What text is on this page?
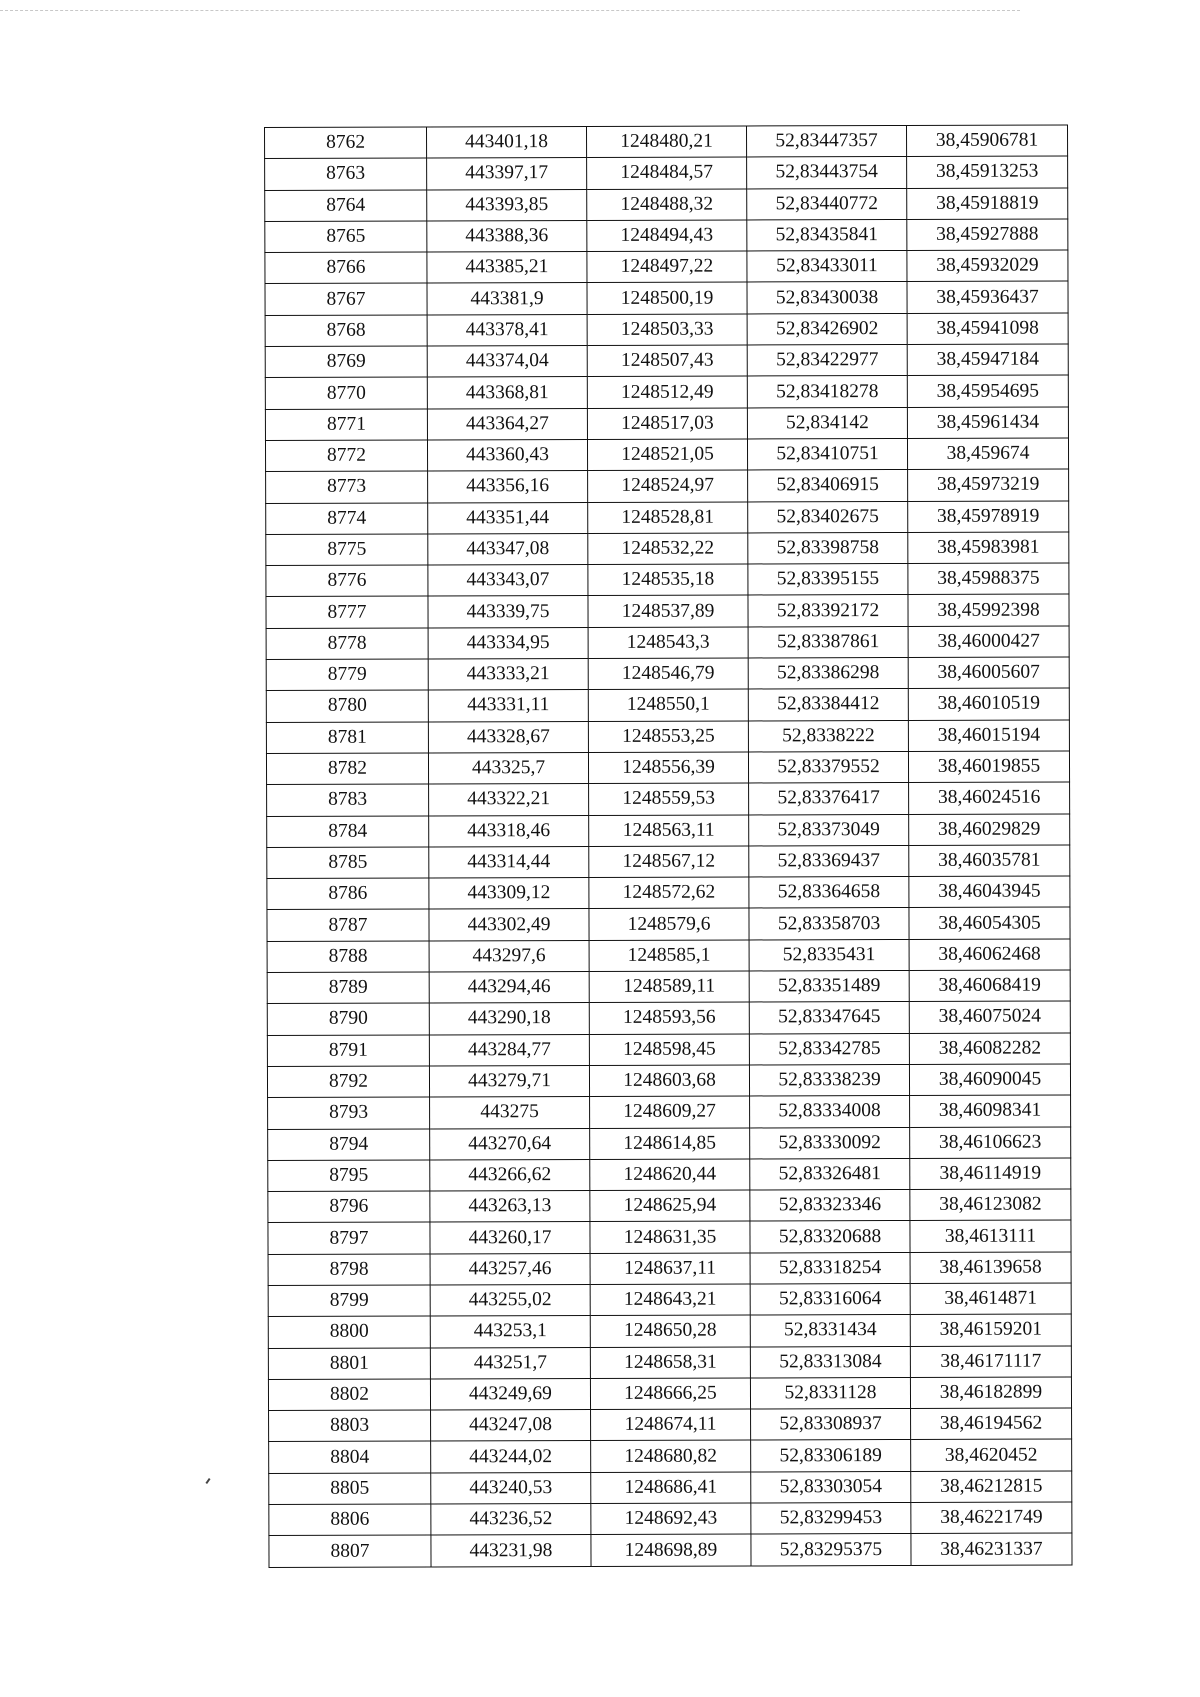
8762	443401,18	1248480,21	52,83447357	38,45906781
8763	443397,17	1248484,57	52,83443754	38,45913253
8764	443393,85	1248488,32	52,83440772	38,45918819
8765	443388,36	1248494,43	52,83435841	38,45927888
8766	443385,21	1248497,22	52,83433011	38,45932029
8767	443381,9	1248500,19	52,83430038	38,45936437
8768	443378,41	1248503,33	52,83426902	38,45941098
8769	443374,04	1248507,43	52,83422977	38,45947184
8770	443368,81	1248512,49	52,83418278	38,45954695
8771	443364,27	1248517,03	52,834142	38,45961434
8772	443360,43	1248521,05	52,83410751	38,459674
8773	443356,16	1248524,97	52,83406915	38,45973219
8774	443351,44	1248528,81	52,83402675	38,45978919
8775	443347,08	1248532,22	52,83398758	38,45983981
8776	443343,07	1248535,18	52,83395155	38,45988375
8777	443339,75	1248537,89	52,83392172	38,45992398
8778	443334,95	1248543,3	52,83387861	38,46000427
8779	443333,21	1248546,79	52,83386298	38,46005607
8780	443331,11	1248550,1	52,83384412	38,46010519
8781	443328,67	1248553,25	52,8338222	38,46015194
8782	443325,7	1248556,39	52,83379552	38,46019855
8783	443322,21	1248559,53	52,83376417	38,46024516
8784	443318,46	1248563,11	52,83373049	38,46029829
8785	443314,44	1248567,12	52,83369437	38,46035781
8786	443309,12	1248572,62	52,83364658	38,46043945
8787	443302,49	1248579,6	52,83358703	38,46054305
8788	443297,6	1248585,1	52,8335431	38,46062468
8789	443294,46	1248589,11	52,83351489	38,46068419
8790	443290,18	1248593,56	52,83347645	38,46075024
8791	443284,77	1248598,45	52,83342785	38,46082282
8792	443279,71	1248603,68	52,83338239	38,46090045
8793	443275	1248609,27	52,83334008	38,46098341
8794	443270,64	1248614,85	52,83330092	38,46106623
8795	443266,62	1248620,44	52,83326481	38,46114919
8796	443263,13	1248625,94	52,83323346	38,46123082
8797	443260,17	1248631,35	52,83320688	38,4613111
8798	443257,46	1248637,11	52,83318254	38,46139658
8799	443255,02	1248643,21	52,83316064	38,4614871
8800	443253,1	1248650,28	52,8331434	38,46159201
8801	443251,7	1248658,31	52,83313084	38,46171117
8802	443249,69	1248666,25	52,8331128	38,46182899
8803	443247,08	1248674,11	52,83308937	38,46194562
8804	443244,02	1248680,82	52,83306189	38,4620452
8805	443240,53	1248686,41	52,83303054	38,46212815
8806	443236,52	1248692,43	52,83299453	38,46221749
8807	443231,98	1248698,89	52,83295375	38,46231337
